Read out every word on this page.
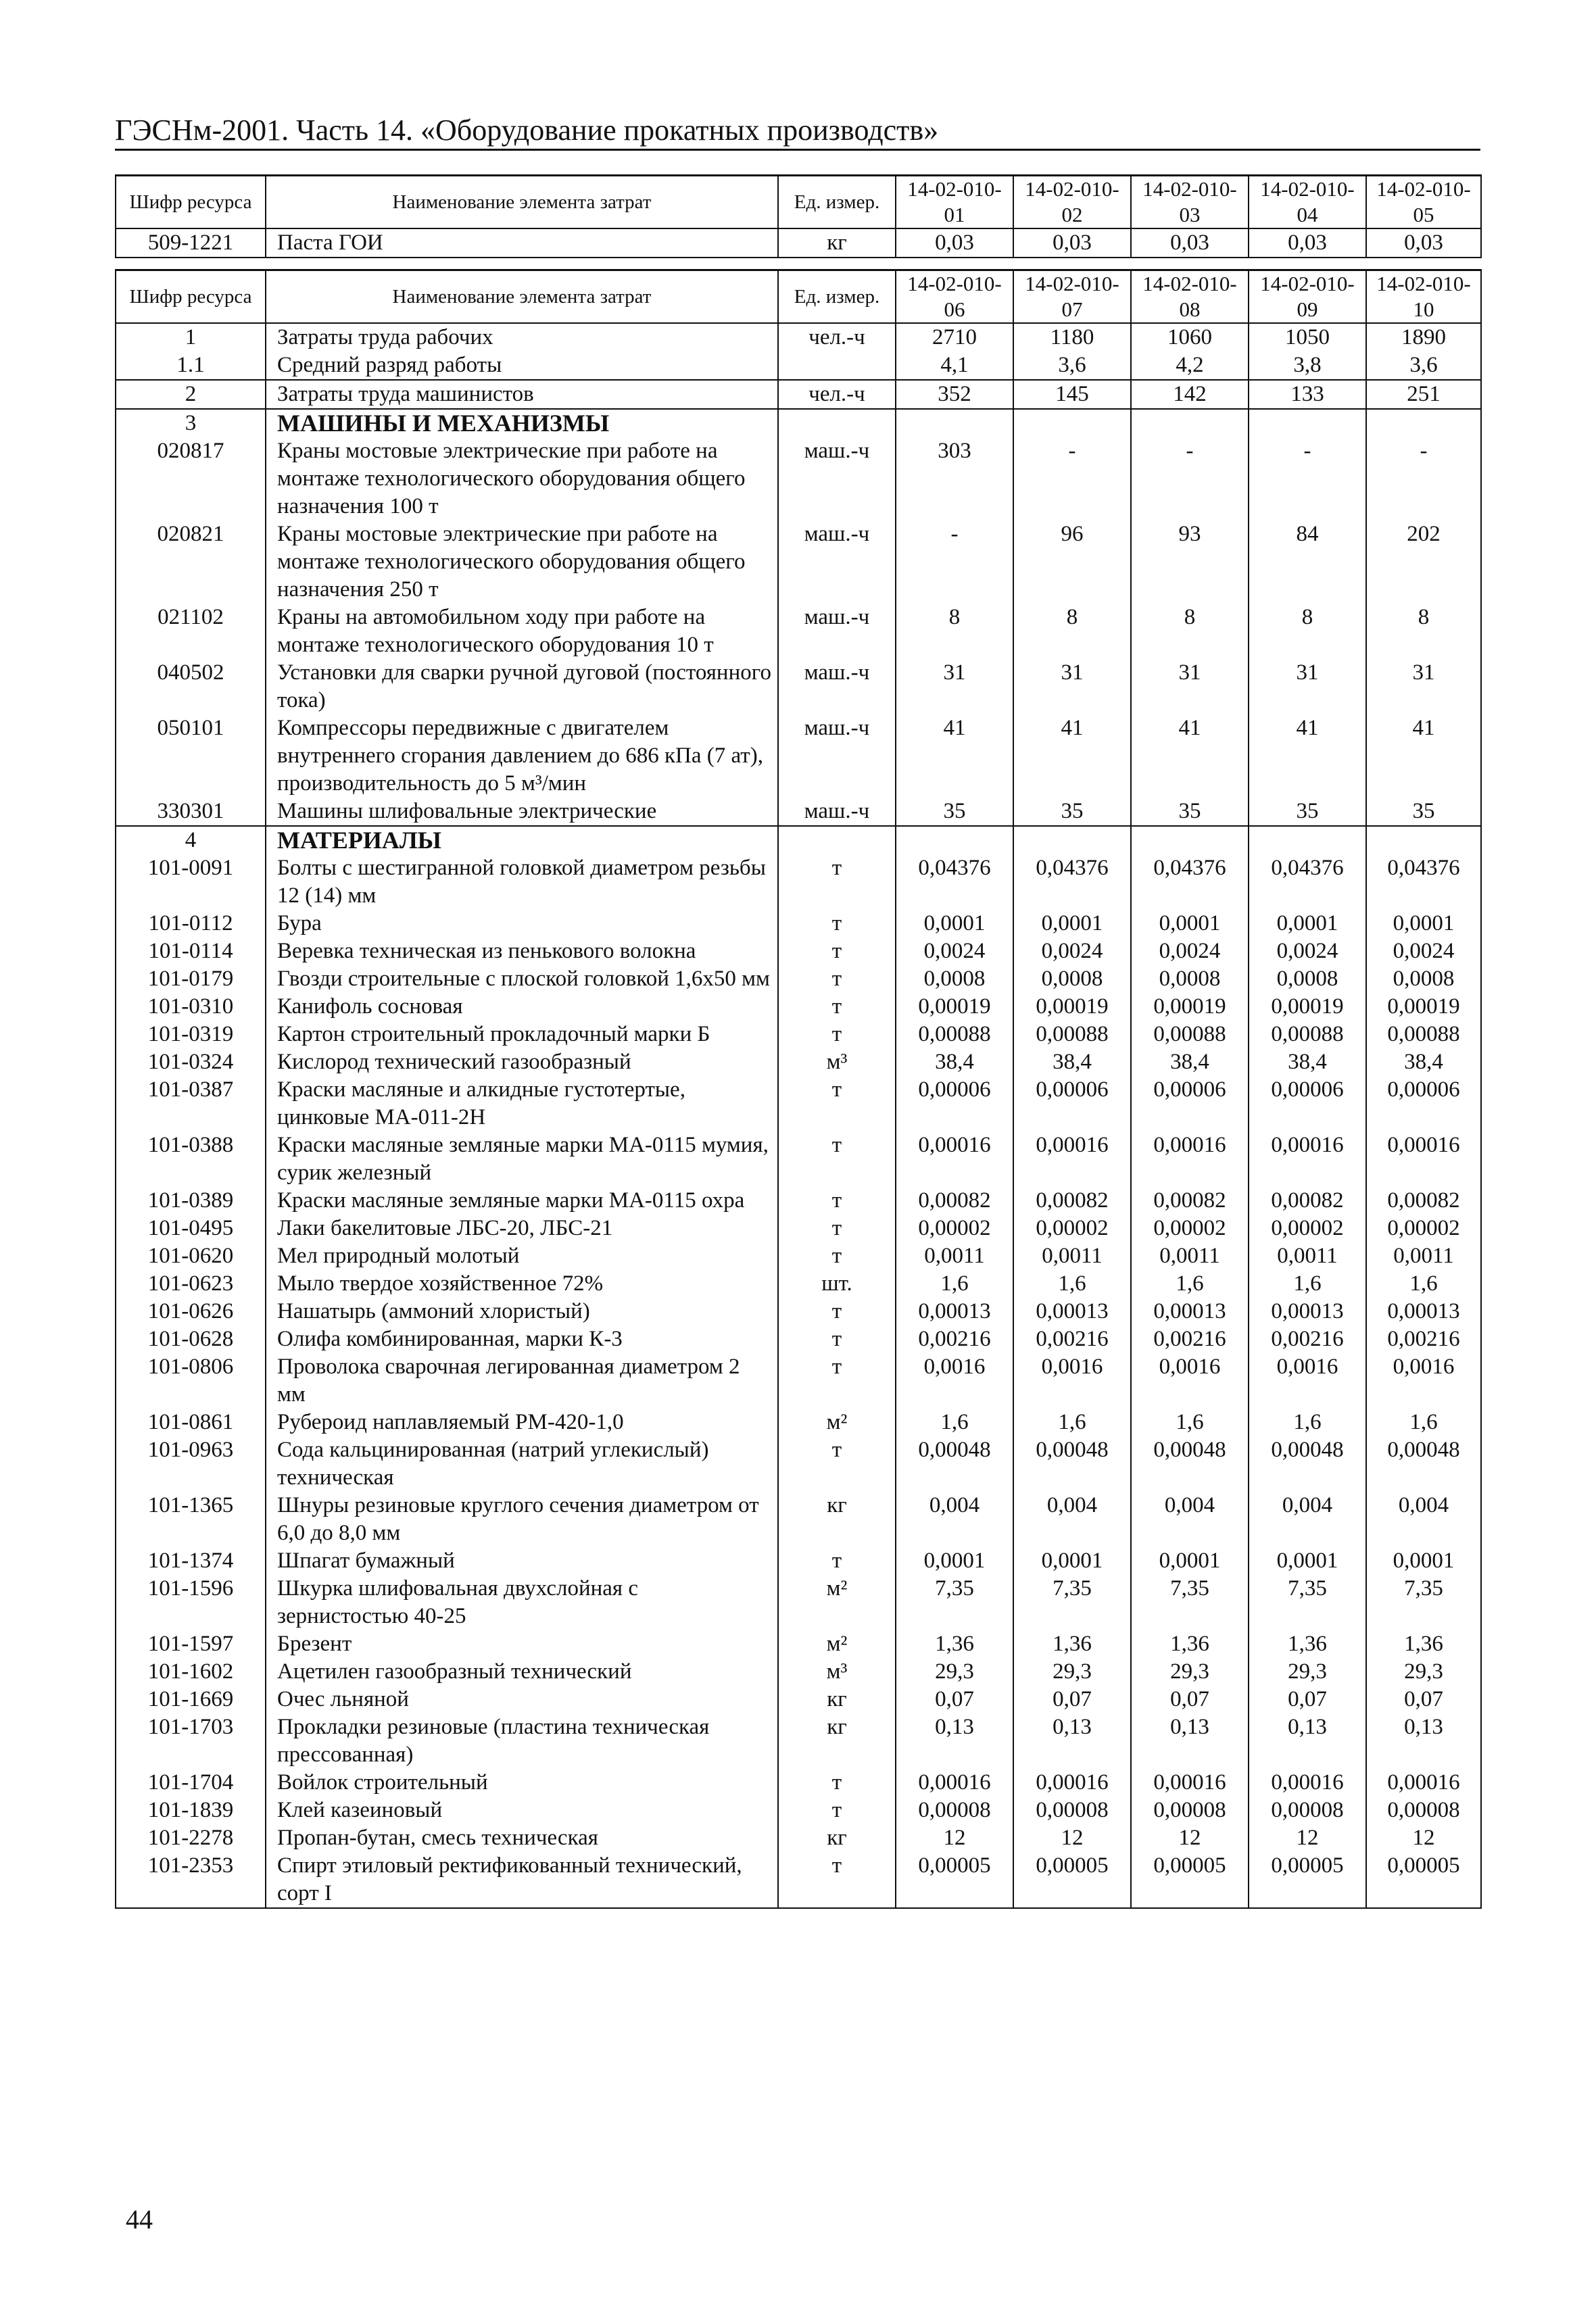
ГЭСНм-2001. Часть 14. «Оборудование прокатных производств»
Шифр ресурса	Наименование элемента затрат	Ед. измер.	14-02-010-01	14-02-010-02	14-02-010-03	14-02-010-04	14-02-010-05
509-1221	Паста ГОИ	кг	0,03	0,03	0,03	0,03	0,03
Шифр ресурса	Наименование элемента затрат	Ед. измер.	14-02-010-06	14-02-010-07	14-02-010-08	14-02-010-09	14-02-010-10
1	Затраты труда рабочих	чел.-ч	2710	1180	1060	1050	1890
1.1	Средний разряд работы		4,1	3,6	4,2	3,8	3,6
2	Затраты труда машинистов	чел.-ч	352	145	142	133	251
3	МАШИНЫ И МЕХАНИЗМЫ						
020817	Краны мостовые электрические при работе на монтаже технологического оборудования общего назначения 100 т	маш.-ч	303	-	-	-	-
020821	Краны мостовые электрические при работе на монтаже технологического оборудования общего назначения 250 т	маш.-ч	-	96	93	84	202
021102	Краны на автомобильном ходу при работе на монтаже технологического оборудования 10 т	маш.-ч	8	8	8	8	8
040502	Установки для сварки ручной дуговой (постоянного тока)	маш.-ч	31	31	31	31	31
050101	Компрессоры передвижные с двигателем внутреннего сгорания давлением до 686 кПа (7 ат), производительность до 5 м³/мин	маш.-ч	41	41	41	41	41
330301	Машины шлифовальные электрические	маш.-ч	35	35	35	35	35
4	МАТЕРИАЛЫ						
101-0091	Болты с шестигранной головкой диаметром резьбы 12 (14) мм	т	0,04376	0,04376	0,04376	0,04376	0,04376
101-0112	Бура	т	0,0001	0,0001	0,0001	0,0001	0,0001
101-0114	Веревка техническая из пенькового волокна	т	0,0024	0,0024	0,0024	0,0024	0,0024
101-0179	Гвозди строительные с плоской головкой 1,6x50 мм	т	0,0008	0,0008	0,0008	0,0008	0,0008
101-0310	Канифоль сосновая	т	0,00019	0,00019	0,00019	0,00019	0,00019
101-0319	Картон строительный прокладочный марки Б	т	0,00088	0,00088	0,00088	0,00088	0,00088
101-0324	Кислород технический газообразный	м³	38,4	38,4	38,4	38,4	38,4
101-0387	Краски масляные и алкидные густотертые, цинковые МА-011-2Н	т	0,00006	0,00006	0,00006	0,00006	0,00006
101-0388	Краски масляные земляные марки МА-0115 мумия, сурик железный	т	0,00016	0,00016	0,00016	0,00016	0,00016
101-0389	Краски масляные земляные марки МА-0115 охра	т	0,00082	0,00082	0,00082	0,00082	0,00082
101-0495	Лаки бакелитовые ЛБС-20, ЛБС-21	т	0,00002	0,00002	0,00002	0,00002	0,00002
101-0620	Мел природный молотый	т	0,0011	0,0011	0,0011	0,0011	0,0011
101-0623	Мыло твердое хозяйственное 72%	шт.	1,6	1,6	1,6	1,6	1,6
101-0626	Нашатырь (аммоний хлористый)	т	0,00013	0,00013	0,00013	0,00013	0,00013
101-0628	Олифа комбинированная, марки К-3	т	0,00216	0,00216	0,00216	0,00216	0,00216
101-0806	Проволока сварочная легированная диаметром 2 мм	т	0,0016	0,0016	0,0016	0,0016	0,0016
101-0861	Рубероид наплавляемый РМ-420-1,0	м²	1,6	1,6	1,6	1,6	1,6
101-0963	Сода кальцинированная (натрий углекислый) техническая	т	0,00048	0,00048	0,00048	0,00048	0,00048
101-1365	Шнуры резиновые круглого сечения диаметром от 6,0 до 8,0 мм	кг	0,004	0,004	0,004	0,004	0,004
101-1374	Шпагат бумажный	т	0,0001	0,0001	0,0001	0,0001	0,0001
101-1596	Шкурка шлифовальная двухслойная с зернистостью 40-25	м²	7,35	7,35	7,35	7,35	7,35
101-1597	Брезент	м²	1,36	1,36	1,36	1,36	1,36
101-1602	Ацетилен газообразный технический	м³	29,3	29,3	29,3	29,3	29,3
101-1669	Очес льняной	кг	0,07	0,07	0,07	0,07	0,07
101-1703	Прокладки резиновые (пластина техническая прессованная)	кг	0,13	0,13	0,13	0,13	0,13
101-1704	Войлок строительный	т	0,00016	0,00016	0,00016	0,00016	0,00016
101-1839	Клей казеиновый	т	0,00008	0,00008	0,00008	0,00008	0,00008
101-2278	Пропан-бутан, смесь техническая	кг	12	12	12	12	12
101-2353	Спирт этиловый ректификованный технический, сорт I	т	0,00005	0,00005	0,00005	0,00005	0,00005
44
